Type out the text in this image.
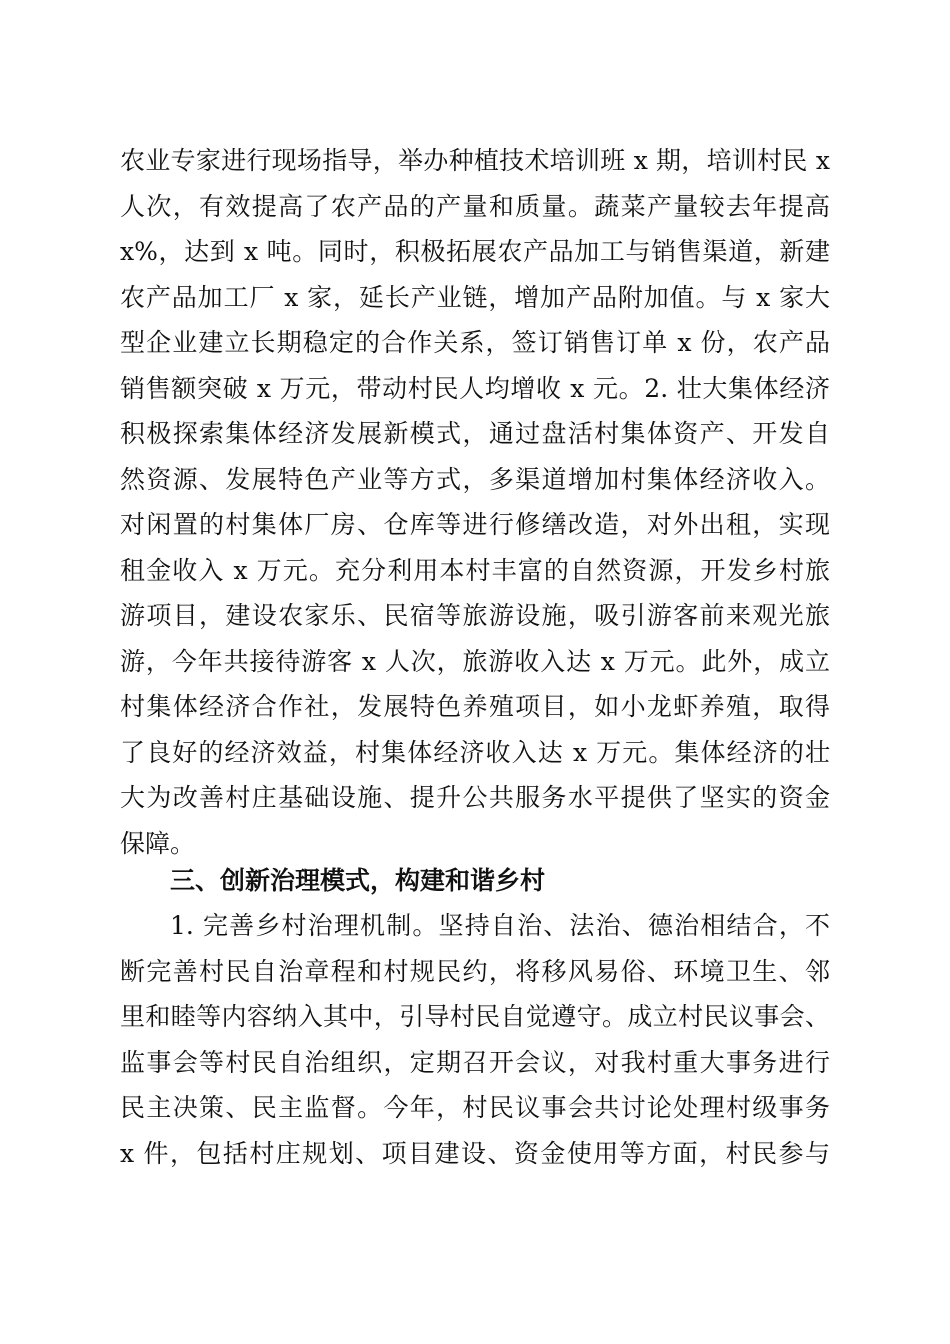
农业专家进行现场指导，举办种植技术培训班 x 期，培训村民 x
人次，有效提高了农产品的产量和质量。蔬菜产量较去年提高
x%，达到 x 吨。同时，积极拓展农产品加工与销售渠道，新建
农产品加工厂 x 家，延长产业链，增加产品附加值。与 x 家大
型企业建立长期稳定的合作关系，签订销售订单 x 份，农产品
销售额突破 x 万元，带动村民人均增收 x 元。2. 壮大集体经济
积极探索集体经济发展新模式，通过盘活村集体资产、开发自
然资源、发展特色产业等方式，多渠道增加村集体经济收入。
对闲置的村集体厂房、仓库等进行修缮改造，对外出租，实现
租金收入 x 万元。充分利用本村丰富的自然资源，开发乡村旅
游项目，建设农家乐、民宿等旅游设施，吸引游客前来观光旅
游，今年共接待游客 x 人次，旅游收入达 x 万元。此外，成立
村集体经济合作社，发展特色养殖项目，如小龙虾养殖，取得
了良好的经济效益，村集体经济收入达 x 万元。集体经济的壮
大为改善村庄基础设施、提升公共服务水平提供了坚实的资金
保障。
三、创新治理模式，构建和谐乡村
1. 完善乡村治理机制。坚持自治、法治、德治相结合，不
断完善村民自治章程和村规民约，将移风易俗、环境卫生、邻
里和睦等内容纳入其中，引导村民自觉遵守。成立村民议事会、
监事会等村民自治组织，定期召开会议，对我村重大事务进行
民主决策、民主监督。今年，村民议事会共讨论处理村级事务
x 件，包括村庄规划、项目建设、资金使用等方面，村民参与
